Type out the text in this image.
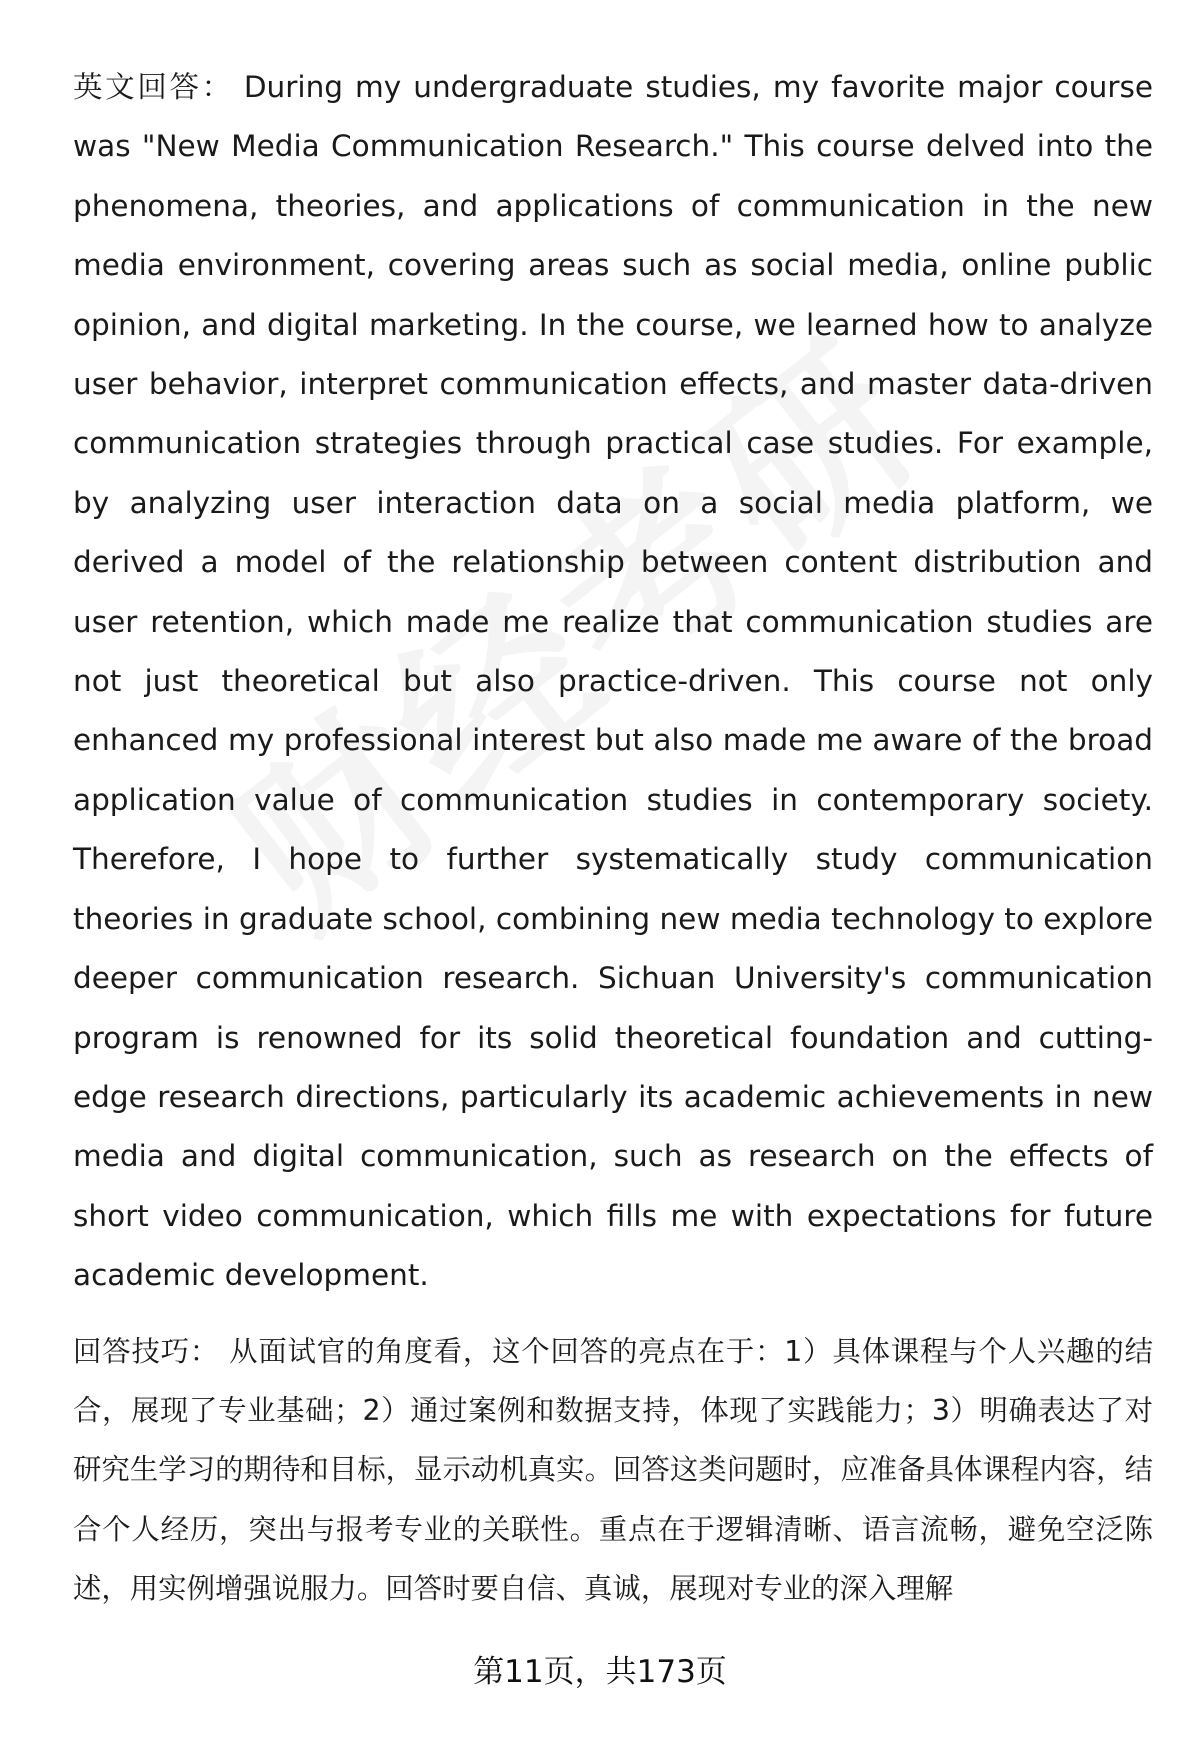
英文回答： During my undergraduate studies, my favorite major course was "New Media Communication Research." This course delved into the phenomena, theories, and applications of communication in the new media environment, covering areas such as social media, online public opinion, and digital marketing. In the course, we learned how to analyze user behavior, interpret communication effects, and master data-driven communication strategies through practical case studies. For example, by analyzing user interaction data on a social media platform, we derived a model of the relationship between content distribution and user retention, which made me realize that communication studies are not just theoretical but also practice-driven. This course not only enhanced my professional interest but also made me aware of the broad application value of communication studies in contemporary society. Therefore, I hope to further systematically study communication theories in graduate school, combining new media technology to explore deeper communication research. Sichuan University's communication program is renowned for its solid theoretical foundation and cutting-edge research directions, particularly its academic achievements in new media and digital communication, such as research on the effects of short video communication, which fills me with expectations for future academic development.

回答技巧： 从面试官的角度看，这个回答的亮点在于：1）具体课程与个人兴趣的结合，展现了专业基础；2）通过案例和数据支持，体现了实践能力；3）明确表达了对研究生学习的期待和目标，显示动机真实。回答这类问题时，应准备具体课程内容，结合个人经历，突出与报考专业的关联性。重点在于逻辑清晰、语言流畅，避免空泛陈述，用实例增强说服力。回答时要自信、真诚，展现对专业的深入理解

第11页，共173页
